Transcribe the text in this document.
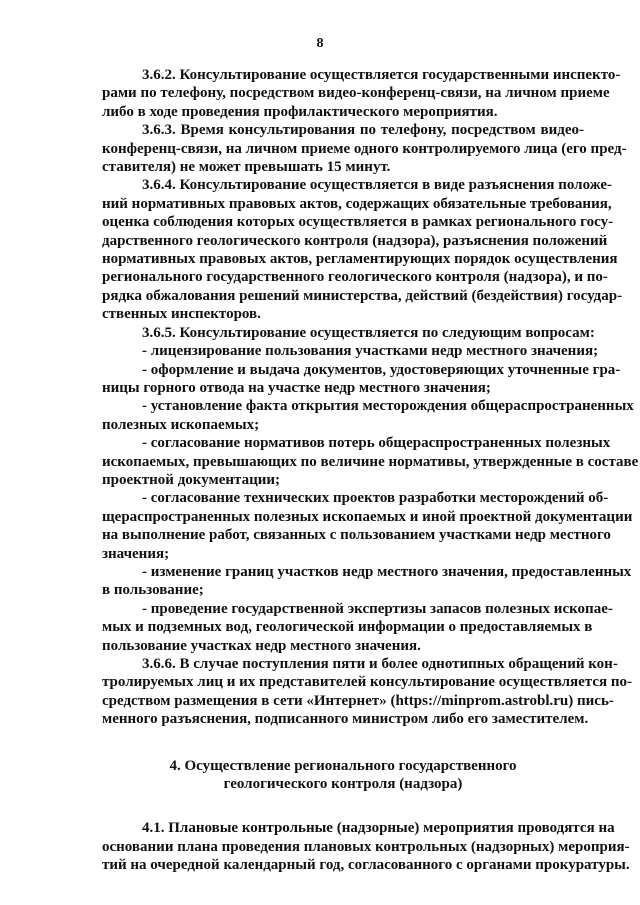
8
3.6.2. Консультирование осуществляется государственными инспекто-
рами по телефону, посредством видео-конференц-связи, на личном приеме
либо в ходе проведения профилактического мероприятия.
3.6.3. Время консультирования по телефону, посредством видео-
конференц-связи, на личном приеме одного контролируемого лица (его пред-
ставителя) не может превышать 15 минут.
3.6.4. Консультирование осуществляется в виде разъяснения положе-
ний нормативных правовых актов, содержащих обязательные требования,
оценка соблюдения которых осуществляется в рамках регионального госу-
дарственного геологического контроля (надзора), разъяснения положений
нормативных правовых актов, регламентирующих порядок осуществления
регионального государственного геологического контроля (надзора), и по-
рядка обжалования решений министерства, действий (бездействия) государ-
ственных инспекторов.
3.6.5. Консультирование осуществляется по следующим вопросам:
- лицензирование пользования участками недр местного значения;
- оформление и выдача документов, удостоверяющих уточненные гра-
ницы горного отвода на участке недр местного значения;
- установление факта открытия месторождения общераспространенных
полезных ископаемых;
- согласование нормативов потерь общераспространенных полезных
ископаемых, превышающих по величине нормативы, утвержденные в составе
проектной документации;
- согласование технических проектов разработки месторождений об-
щераспространенных полезных ископаемых и иной проектной документации
на выполнение работ, связанных с пользованием участками недр местного
значения;
- изменение границ участков недр местного значения, предоставленных
в пользование;
- проведение государственной экспертизы запасов полезных ископае-
мых и подземных вод, геологической информации о предоставляемых в
пользование участках недр местного значения.
3.6.6. В случае поступления пяти и более однотипных обращений кон-
тролируемых лиц и их представителей консультирование осуществляется по-
средством размещения в сети «Интернет» (https://minprom.astrobl.ru) пись-
менного разъяснения, подписанного министром либо его заместителем.
4. Осуществление регионального государственного
геологического контроля (надзора)
4.1. Плановые контрольные (надзорные) мероприятия проводятся на
основании плана проведения плановых контрольных (надзорных) мероприя-
тий на очередной календарный год, согласованного с органами прокуратуры.
